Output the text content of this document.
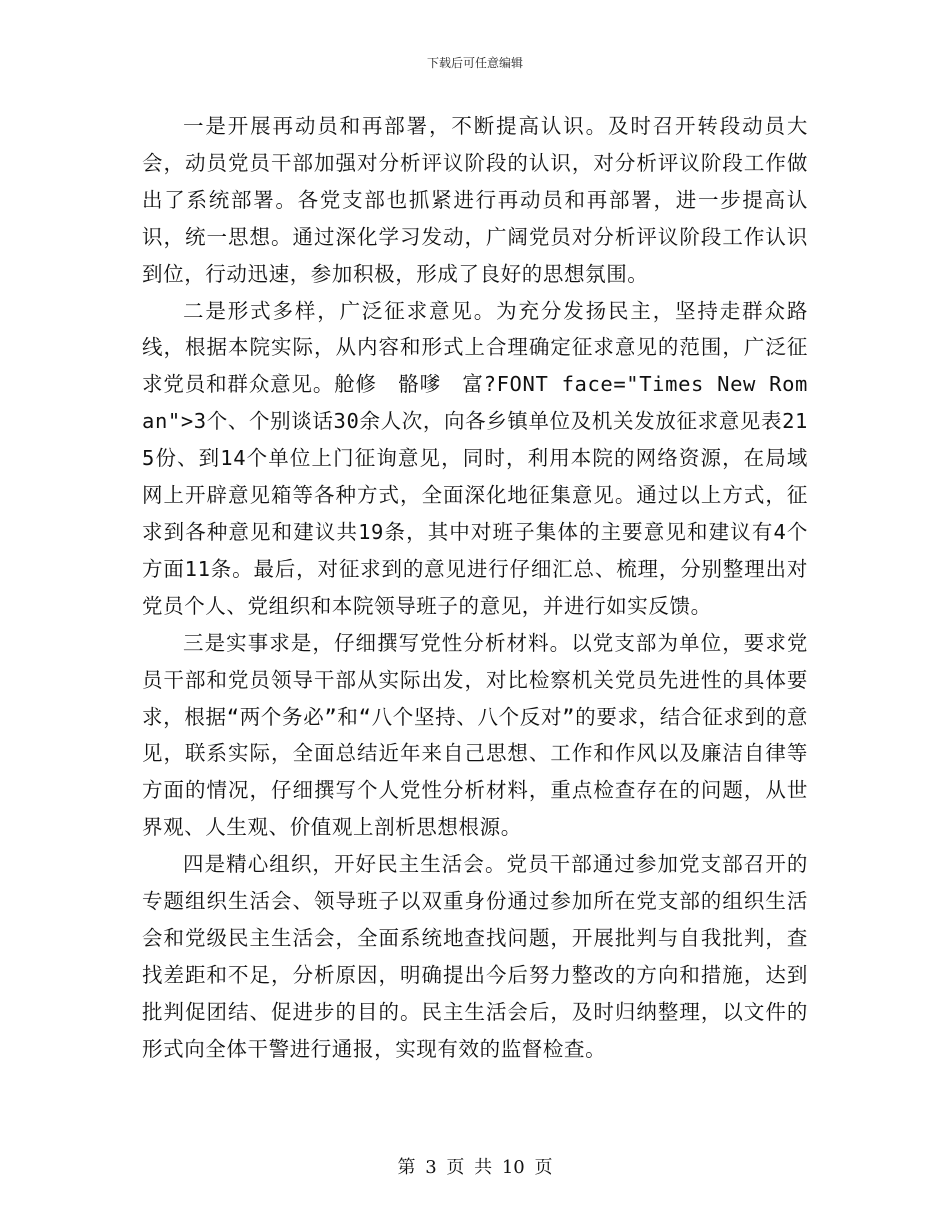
下载后可任意编辑

一是开展再动员和再部署，不断提高认识。及时召开转段动员大会，动员党员干部加强对分析评议阶段的认识，对分析评议阶段工作做出了系统部署。各党支部也抓紧进行再动员和再部署，进一步提高认识，统一思想。通过深化学习发动，广阔党员对分析评议阶段工作认识到位，行动迅速，参加积极，形成了良好的思想氛围。

二是形式多样，广泛征求意见。为充分发扬民主，坚持走群众路线，根据本院实际，从内容和形式上合理确定征求意见的范围，广泛征求党员和群众意见。舱修　骼嗲　富?FONT face="Times New Roman">3个、个别谈话30余人次，向各乡镇单位及机关发放征求意见表215份、到14个单位上门征询意见，同时，利用本院的网络资源，在局域网上开辟意见箱等各种方式，全面深化地征集意见。通过以上方式，征求到各种意见和建议共19条，其中对班子集体的主要意见和建议有4个方面11条。最后，对征求到的意见进行仔细汇总、梳理，分别整理出对党员个人、党组织和本院领导班子的意见，并进行如实反馈。

三是实事求是，仔细撰写党性分析材料。以党支部为单位，要求党员干部和党员领导干部从实际出发，对比检察机关党员先进性的具体要求，根据“两个务必”和“八个坚持、八个反对”的要求，结合征求到的意见，联系实际，全面总结近年来自己思想、工作和作风以及廉洁自律等方面的情况，仔细撰写个人党性分析材料，重点检查存在的问题，从世界观、人生观、价值观上剖析思想根源。

四是精心组织，开好民主生活会。党员干部通过参加党支部召开的专题组织生活会、领导班子以双重身份通过参加所在党支部的组织生活会和党级民主生活会，全面系统地查找问题，开展批判与自我批判，查找差距和不足，分析原因，明确提出今后努力整改的方向和措施，达到批判促团结、促进步的目的。民主生活会后，及时归纳整理，以文件的形式向全体干警进行通报，实现有效的监督检查。

第 3 页 共 10 页
